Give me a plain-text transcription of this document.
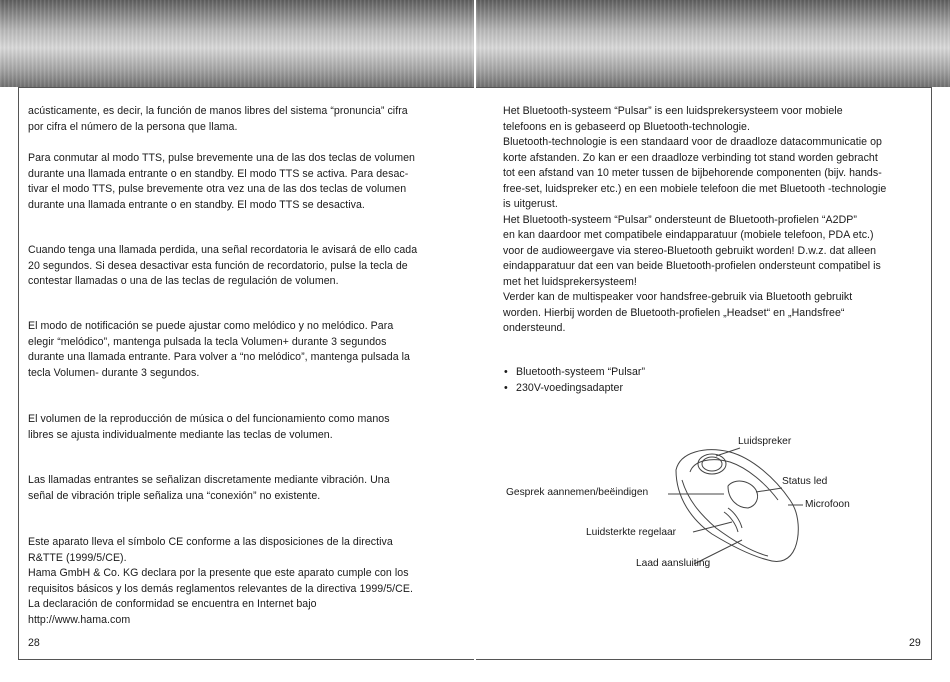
acústicamente, es decir, la función de manos libres del sistema “pronuncia” cifra
por cifra el número de la persona que llama.

Para conmutar al modo TTS, pulse brevemente una de las dos teclas de volumen
durante una llamada entrante o en standby. El modo TTS se activa. Para desac-
tivar el modo TTS, pulse brevemente otra vez una de las dos teclas de volumen
durante una llamada entrante o en standby. El modo TTS se desactiva.

Cuando tenga una llamada perdida, una señal recordatoria le avisará de ello cada
20 segundos. Si desea desactivar esta función de recordatorio, pulse la tecla de
contestar llamadas o una de las teclas de regulación de volumen.

El modo de notificación se puede ajustar como melódico y no melódico. Para
elegir “melódico”, mantenga pulsada la tecla Volumen+ durante 3 segundos
durante una llamada entrante. Para volver a “no melódico”, mantenga pulsada la
tecla Volumen- durante 3 segundos.

El volumen de la reproducción de música o del funcionamiento como manos
libres se ajusta individualmente mediante las teclas de volumen.

Las llamadas entrantes se señalizan discretamente mediante vibración. Una
señal de vibración triple señaliza una “conexión” no existente.

Este aparato lleva el símbolo CE conforme a las disposiciones de la directiva
R&TTE (1999/5/CE).
Hama GmbH & Co. KG declara por la presente que este aparato cumple con los
requisitos básicos y los demás reglamentos relevantes de la directiva 1999/5/CE.
La declaración de conformidad se encuentra en Internet bajo
http://www.hama.com

28

Het Bluetooth-systeem “Pulsar” is een luidsprekersysteem voor mobiele
telefoons en is gebaseerd op Bluetooth-technologie.
Bluetooth-technologie is een standaard voor de draadloze datacommunicatie op
korte afstanden. Zo kan er een draadloze verbinding tot stand worden gebracht
tot een afstand van 10 meter tussen de bijbehorende componenten (bijv. hands-
free-set, luidspreker etc.) en een mobiele telefoon die met Bluetooth -technologie
is uitgerust.
Het Bluetooth-systeem “Pulsar” ondersteunt de Bluetooth-profielen “A2DP”
en kan daardoor met compatibele eindapparatuur (mobiele telefoon, PDA etc.)
voor de audioweergave via stereo-Bluetooth gebruikt worden! D.w.z. dat alleen
eindapparatuur dat een van beide Bluetooth-profielen ondersteunt compatibel is
met het luidsprekersysteem!
Verder kan de multispeaker voor handsfree-gebruik via Bluetooth gebruikt
worden. Hierbij worden de Bluetooth-profielen „Headset“ en „Handsfree“
ondersteund.

• Bluetooth-systeem “Pulsar”
• 230V-voedingsadapter
Luidspreker
Status led
Gesprek aannemen/beëindigen
Microfoon
Luidsterkte regelaar
Laad aansluiting
29
